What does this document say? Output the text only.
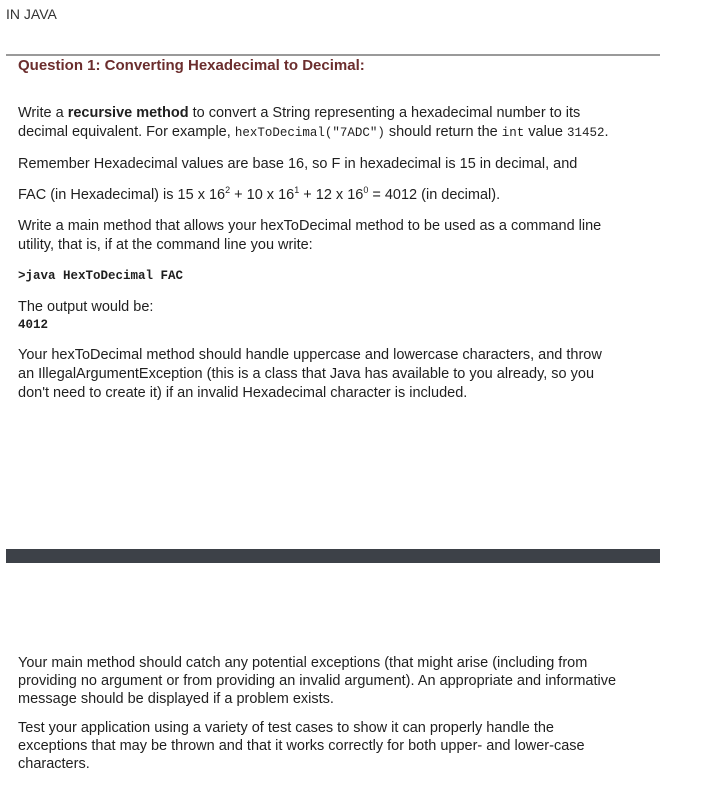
IN JAVA
Question 1: Converting Hexadecimal to Decimal:

Write a recursive method to convert a String representing a hexadecimal number to its decimal equivalent. For example, hexToDecimal("7ADC") should return the int value 31452.

Remember Hexadecimal values are base 16, so F in hexadecimal is 15 in decimal, and

FAC (in Hexadecimal) is 15 x $16^2 + 10$ x $16^1 + 12$ x $16^0 = 4012$ (in decimal).

Write a main method that allows your hexToDecimal method to be used as a command line utility, that is, if at the command line you write:

>java HexToDecimal FAC

The output would be:

4012

Your hexToDecimal method should handle uppercase and lowercase characters, and throw an IllegalArgumentException (this is a class that Java has available to you already, so you don't need to create it) if an invalid Hexadecimal character is included.

Your main method should catch any potential exceptions (that might arise (including from providing no argument or from providing an invalid argument). An appropriate and informative message should be displayed if a problem exists.

Test your application using a variety of test cases to show it can properly handle the exceptions that may be thrown and that it works correctly for both upper- and lower-case characters.
